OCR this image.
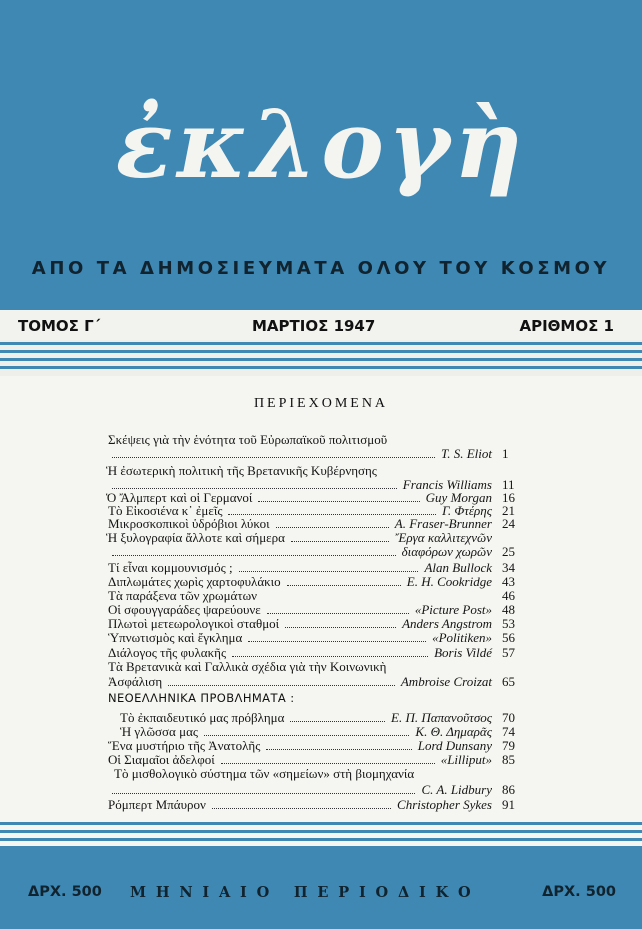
ἐκλογὴ
ΑΠΟ ΤΑ ΔΗΜΟΣΙΕΥΜΑΤΑ ΟΛΟΥ ΤΟΥ ΚΟΣΜΟΥ
ΤΟΜΟΣ Γ΄	ΜΑΡΤΙΟΣ 1947	ΑΡΙΘΜΟΣ 1
ΠΕΡΙΕΧΟΜΕΝΑ
ΝΕΟΕΛΛΗΝΙΚΑ ΠΡΟΒΛΗΜΑΤΑ :
Σκέψεις γιὰ τὴν ἑνότητα τοῦ Εὐρωπαϊκοῦ πολιτισμοῦ
T. S. Eliot 1
Ἡ ἐσωτερικὴ πολιτικὴ τῆς Βρετανικῆς Κυβέρνησης
Francis Williams 11
Ὁ Ἄλμπερτ καὶ οἱ Γερμανοί	Guy Morgan 16
Τὸ Εἰκοσιένα κ᾽ ἐμεῖς	Γ. Φτέρης 21
Μικροσκοπικοὶ ὑδρόβιοι λύκοι	A. Fraser-Brunner 24
Ἡ ξυλογραφία ἄλλοτε καὶ σήμερα	Ἔργα καλλιτεχνῶν
διαφόρων χωρῶν 25
Τί εἶναι κομμουνισμός ;	Alan Bullock 34
Διπλωμάτες χωρὶς χαρτοφυλάκιο	E. H. Cookridge 43
Τὰ παράξενα τῶν χρωμάτων	46
Οἱ σφουγγαράδες ψαρεύουνε	«Picture Post» 48
Πλωτοὶ μετεωρολογικοὶ σταθμοί	Anders Angstrom 53
Ὑπνωτισμὸς καὶ ἔγκλημα	«Politiken» 56
Διάλογος τῆς φυλακῆς	Boris Vildé 57
Τὰ Βρετανικὰ καὶ Γαλλικὰ σχέδια γιὰ τὴν Κοινωνικὴ
Ἀσφάλιση	Ambroise Croizat 65
Τὸ ἐκπαιδευτικό μας πρόβλημα	Ε. Π. Παπανοῦτσος 70
Ἡ γλῶσσα μας	Κ. Θ. Δημαρᾶς 74
Ἕνα μυστήριο τῆς Ἀνατολῆς	Lord Dunsany 79
Οἱ Σιαμαῖοι ἀδελφοί	«Lilliput» 85
Τὸ μισθολογικὸ σύστημα τῶν «σημείων» στὴ βιομηχανία
C. A. Lidbury 86
Ρόμπερτ Μπάυρον	Christopher Sykes 91
ΔΡΧ. 500 ΜΗΝΙΑΙΟ ΠΕΡΙΟΔΙΚΟ	ΔΡΧ. 500
